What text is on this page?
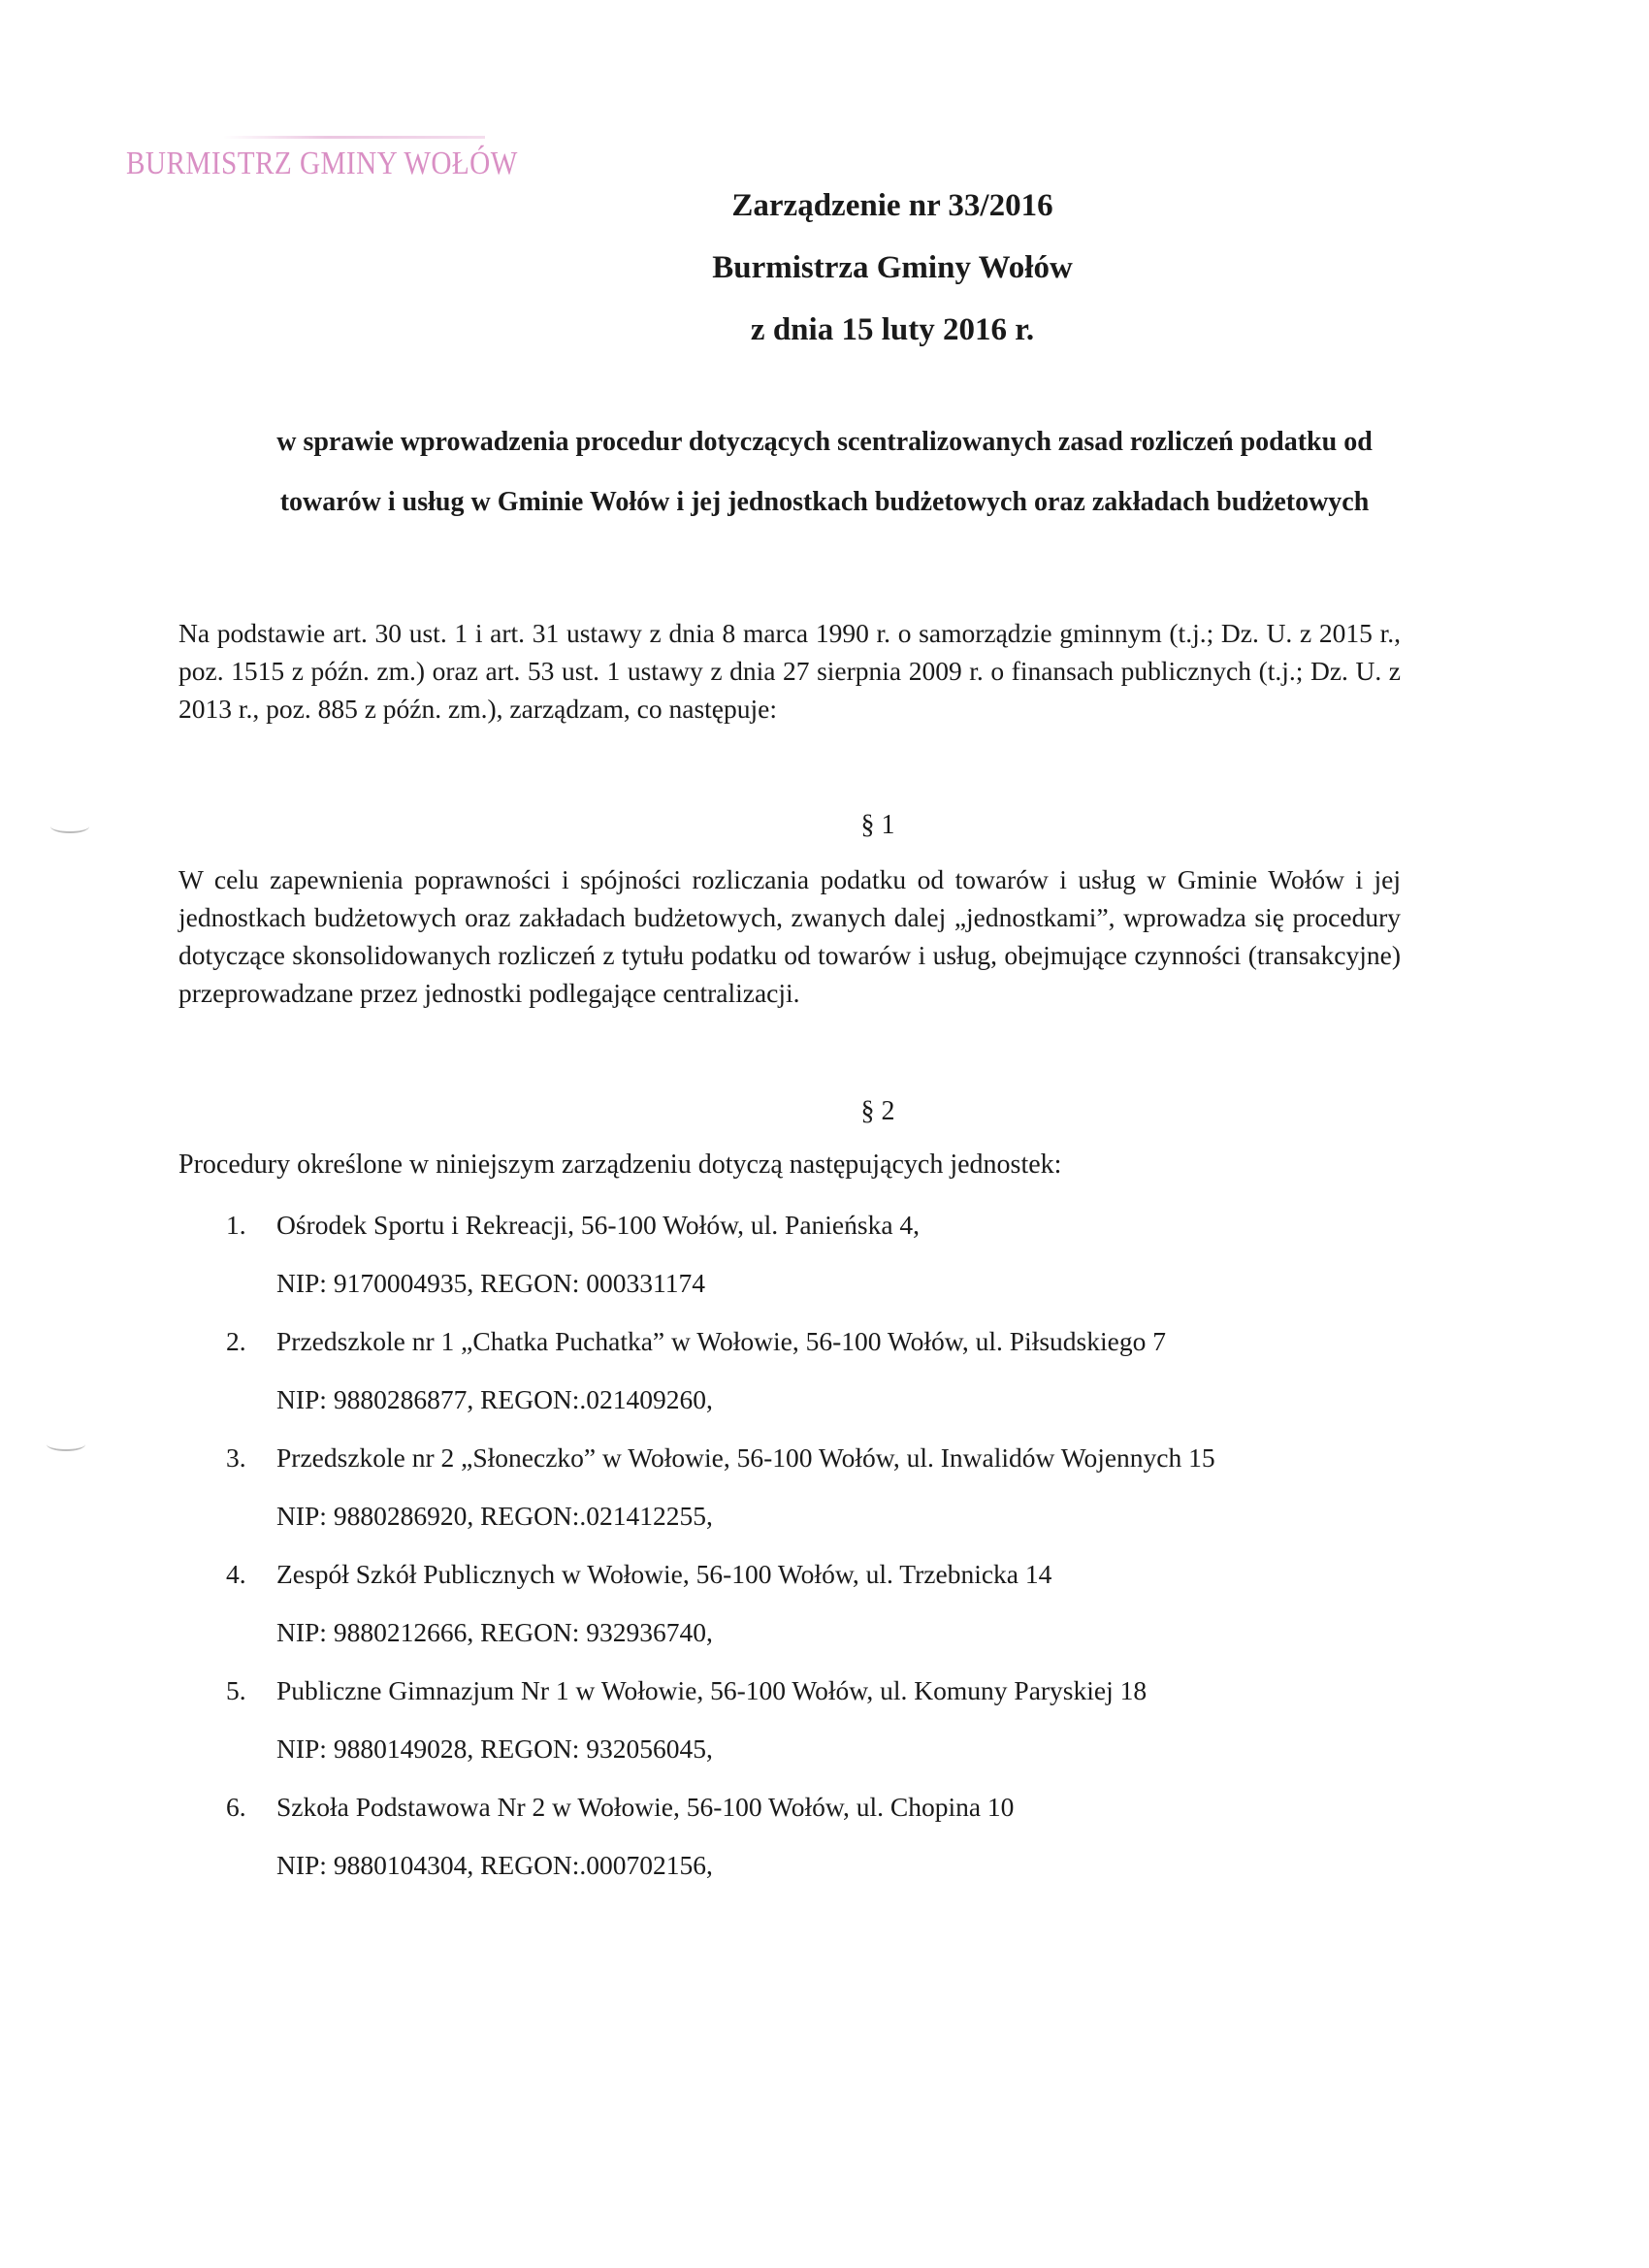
BURMISTRZ GMINY WOŁÓW
Zarządzenie nr 33/2016
Burmistrza Gminy Wołów
z dnia 15 luty 2016 r.
w sprawie wprowadzenia procedur dotyczących scentralizowanych zasad rozliczeń podatku od
towarów i usług w Gminie Wołów i jej jednostkach budżetowych oraz zakładach budżetowych
Na podstawie art. 30 ust. 1 i art. 31 ustawy z dnia 8 marca 1990 r. o samorządzie gminnym (t.j.; Dz. U. z 2015 r., poz. 1515 z późn. zm.) oraz art. 53 ust. 1 ustawy z dnia 27 sierpnia 2009 r. o finansach publicznych (t.j.; Dz. U. z 2013 r., poz. 885 z późn. zm.), zarządzam, co następuje:
§ 1
W celu zapewnienia poprawności i spójności rozliczania podatku od towarów i usług w Gminie Wołów i jej jednostkach budżetowych oraz zakładach budżetowych, zwanych dalej „jednostkami”, wprowadza się procedury dotyczące skonsolidowanych rozliczeń z tytułu podatku od towarów i usług, obejmujące czynności (transakcyjne) przeprowadzane przez jednostki podlegające centralizacji.
§ 2
Procedury określone w niniejszym zarządzeniu dotyczą następujących jednostek:
1. Ośrodek Sportu i Rekreacji, 56-100 Wołów, ul. Panieńska 4,
NIP: 9170004935, REGON: 000331174
2. Przedszkole nr 1 „Chatka Puchatka” w Wołowie, 56-100 Wołów, ul. Piłsudskiego 7
NIP: 9880286877, REGON:.021409260,
3. Przedszkole nr 2 „Słoneczko” w Wołowie, 56-100 Wołów, ul. Inwalidów Wojennych 15
NIP: 9880286920, REGON:.021412255,
4. Zespół Szkół Publicznych w Wołowie, 56-100 Wołów, ul. Trzebnicka 14
NIP: 9880212666, REGON: 932936740,
5. Publiczne Gimnazjum Nr 1 w Wołowie, 56-100 Wołów, ul. Komuny Paryskiej 18
NIP: 9880149028, REGON: 932056045,
6. Szkoła Podstawowa Nr 2 w Wołowie, 56-100 Wołów, ul. Chopina 10
NIP: 9880104304, REGON:.000702156,
